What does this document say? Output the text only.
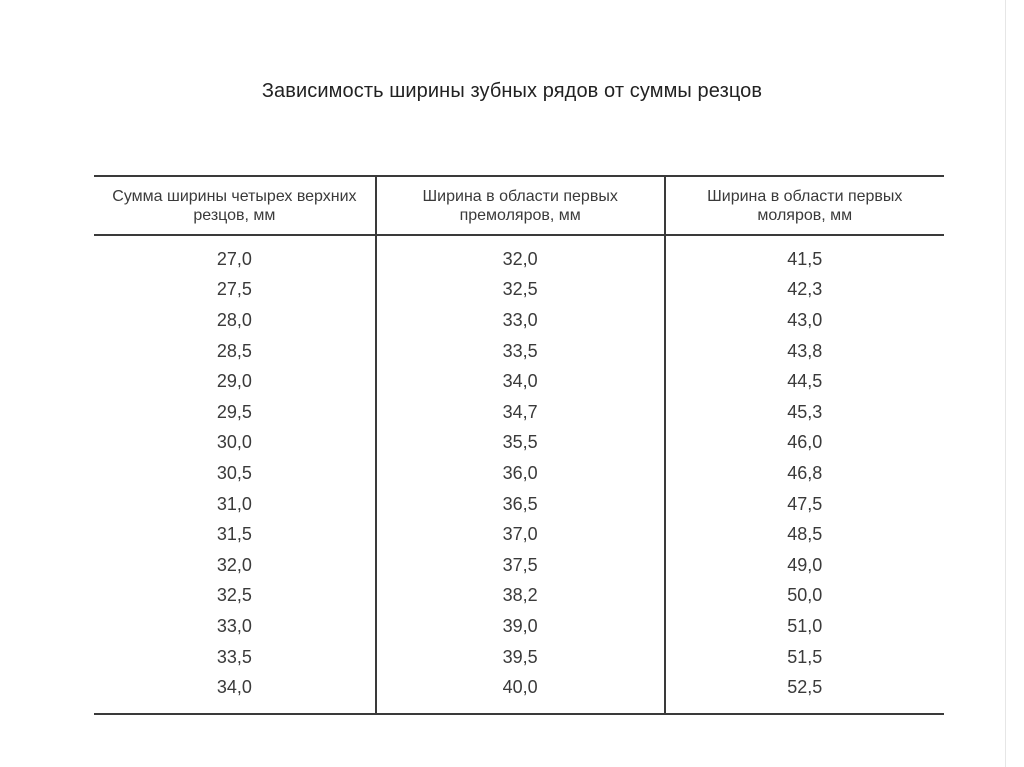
Зависимость ширины зубных рядов от суммы резцов
Сумма ширины четырех верхних резцов, мм	Ширина в области первых премоляров, мм	Ширина в области первых моляров, мм
27,0	32,0	41,5
27,5	32,5	42,3
28,0	33,0	43,0
28,5	33,5	43,8
29,0	34,0	44,5
29,5	34,7	45,3
30,0	35,5	46,0
30,5	36,0	46,8
31,0	36,5	47,5
31,5	37,0	48,5
32,0	37,5	49,0
32,5	38,2	50,0
33,0	39,0	51,0
33,5	39,5	51,5
34,0	40,0	52,5
